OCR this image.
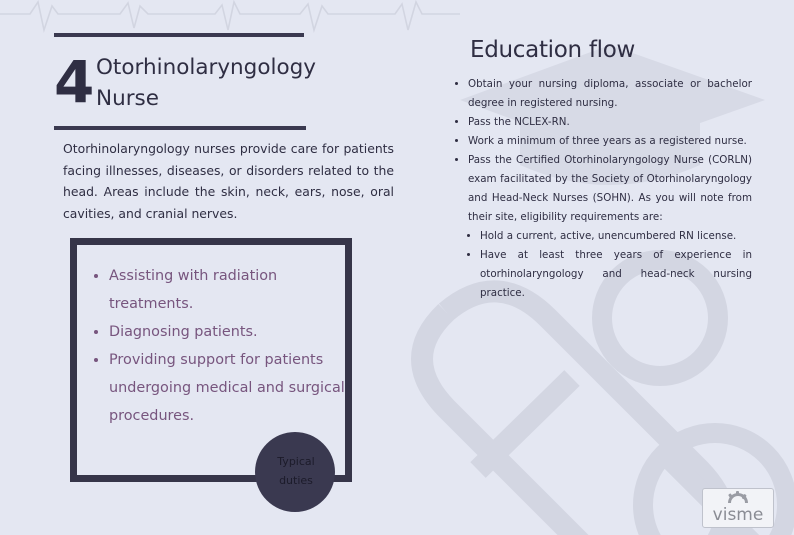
4 Otorhinolaryngology Nurse
Otorhinolaryngology nurses provide care for patients facing illnesses, diseases, or disorders related to the head. Areas include the skin, neck, ears, nose, oral cavities, and cranial nerves.
• Assisting with radiation treatments.
• Diagnosing patients.
• Providing support for patients undergoing medical and surgical procedures.
Typical duties
Education flow
• Obtain your nursing diploma, associate or bachelor degree in registered nursing.
• Pass the NCLEX-RN.
• Work a minimum of three years as a registered nurse.
• Pass the Certified Otorhinolaryngology Nurse (CORLN) exam facilitated by the Society of Otorhinolaryngology and Head-Neck Nurses (SOHN). As you will note from their site, eligibility requirements are:
• Hold a current, active, unencumbered RN license.
• Have at least three years of experience in otorhinolaryngology and head-neck nursing practice.
visme
